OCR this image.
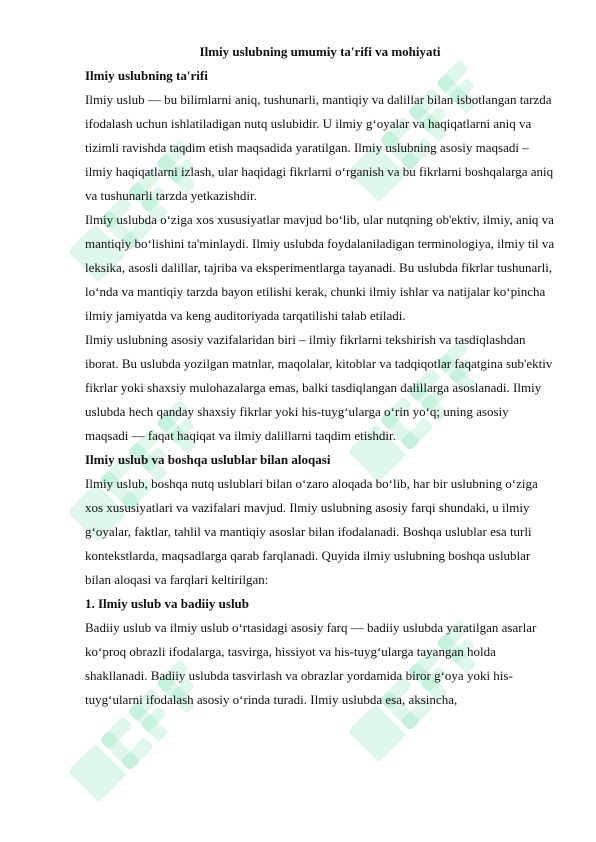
Ilmiy uslubning umumiy ta'rifi va mohiyati

Ilmiy uslubning ta'rifi

Ilmiy uslub — bu bilimlarni aniq, tushunarli, mantiqiy va dalillar bilan isbotlangan tarzda ifodalash uchun ishlatiladigan nutq uslubidir. U ilmiy g‘oyalar va haqiqatlarni aniq va tizimli ravishda taqdim etish maqsadida yaratilgan. Ilmiy uslubning asosiy maqsadi – ilmiy haqiqatlarni izlash, ular haqidagi fikrlarni o‘rganish va bu fikrlarni boshqalarga aniq va tushunarli tarzda yetkazishdir.

Ilmiy uslubda o‘ziga xos xususiyatlar mavjud bo‘lib, ular nutqning ob'ektiv, ilmiy, aniq va mantiqiy bo‘lishini ta'minlaydi. Ilmiy uslubda foydalaniladigan terminologiya, ilmiy til va leksika, asosli dalillar, tajriba va eksperimentlarga tayanadi. Bu uslubda fikrlar tushunarli, lo‘nda va mantiqiy tarzda bayon etilishi kerak, chunki ilmiy ishlar va natijalar ko‘pincha ilmiy jamiyatda va keng auditoriyada tarqatilishi talab etiladi.

Ilmiy uslubning asosiy vazifalaridan biri – ilmiy fikrlarni tekshirish va tasdiqlashdan iborat. Bu uslubda yozilgan matnlar, maqolalar, kitoblar va tadqiqotlar faqatgina sub'ektiv fikrlar yoki shaxsiy mulohazalarga emas, balki tasdiqlangan dalillarga asoslanadi. Ilmiy uslubda hech qanday shaxsiy fikrlar yoki his-tuyg‘ularga o‘rin yo‘q; uning asosiy maqsadi — faqat haqiqat va ilmiy dalillarni taqdim etishdir.

Ilmiy uslub va boshqa uslublar bilan aloqasi

Ilmiy uslub, boshqa nutq uslublari bilan o‘zaro aloqada bo‘lib, har bir uslubning o‘ziga xos xususiyatlari va vazifalari mavjud. Ilmiy uslubning asosiy farqi shundaki, u ilmiy g‘oyalar, faktlar, tahlil va mantiqiy asoslar bilan ifodalanadi. Boshqa uslublar esa turli kontekstlarda, maqsadlarga qarab farqlanadi. Quyida ilmiy uslubning boshqa uslublar bilan aloqasi va farqlari keltirilgan:

1. Ilmiy uslub va badiiy uslub

Badiiy uslub va ilmiy uslub o‘rtasidagi asosiy farq — badiiy uslubda yaratilgan asarlar ko‘proq obrazli ifodalarga, tasvirga, hissiyot va his-tuyg‘ularga tayangan holda shakllanadi. Badiiy uslubda tasvirlash va obrazlar yordamida biror g‘oya yoki his-tuyg‘ularni ifodalash asosiy o‘rinda turadi. Ilmiy uslubda esa, aksincha,
